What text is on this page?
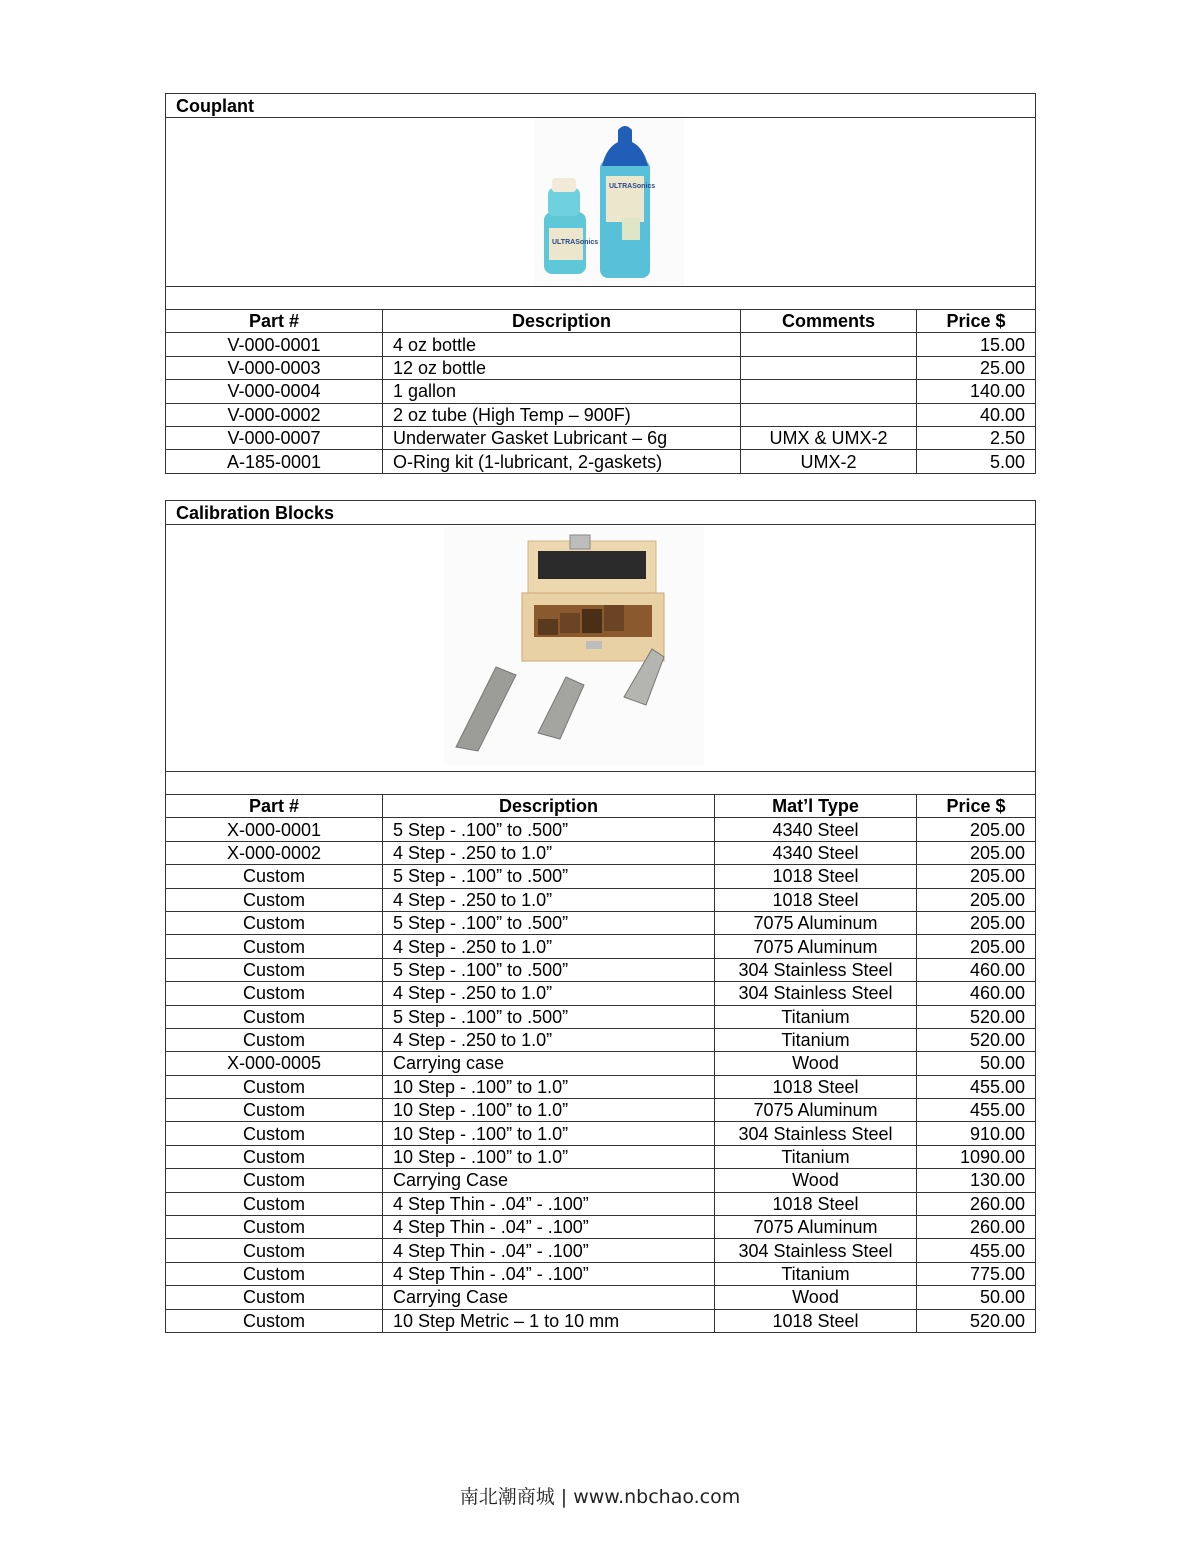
Couplant			

ULTRASonics
ULTRASonics			

Part #	Description	Comments	Price $
V-000-0001	4 oz bottle		15.00
V-000-0003	12 oz bottle		25.00
V-000-0004	1 gallon		140.00
V-000-0002	2 oz tube (High Temp – 900F)		40.00
V-000-0007	Underwater Gasket Lubricant – 6g	UMX & UMX-2	2.50
A-185-0001	O-Ring kit (1-lubricant, 2-gaskets)	UMX-2	5.00
Calibration Blocks			

Part #	Description	Mat’l Type	Price $
X-000-0001	5 Step - .100” to .500”	4340 Steel	205.00
X-000-0002	4 Step - .250 to 1.0”	4340 Steel	205.00
Custom	5 Step - .100” to .500”	1018 Steel	205.00
Custom	4 Step - .250 to 1.0”	1018 Steel	205.00
Custom	5 Step - .100” to .500”	7075 Aluminum	205.00
Custom	4 Step - .250 to 1.0”	7075 Aluminum	205.00
Custom	5 Step - .100” to .500”	304 Stainless Steel	460.00
Custom	4 Step - .250 to 1.0”	304 Stainless Steel	460.00
Custom	5 Step - .100” to .500”	Titanium	520.00
Custom	4 Step - .250 to 1.0”	Titanium	520.00
X-000-0005	Carrying case	Wood	50.00
Custom	10 Step - .100” to 1.0”	1018 Steel	455.00
Custom	10 Step - .100” to 1.0”	7075 Aluminum	455.00
Custom	10 Step - .100” to 1.0”	304 Stainless Steel	910.00
Custom	10 Step - .100” to 1.0”	Titanium	1090.00
Custom	Carrying Case	Wood	130.00
Custom	4 Step Thin - .04” - .100”	1018 Steel	260.00
Custom	4 Step Thin - .04” - .100”	7075 Aluminum	260.00
Custom	4 Step Thin - .04” - .100”	304 Stainless Steel	455.00
Custom	4 Step Thin - .04” - .100”	Titanium	775.00
Custom	Carrying Case	Wood	50.00
Custom	10 Step Metric – 1 to 10 mm	1018 Steel	520.00
南北潮商城 | www.nbchao.com
